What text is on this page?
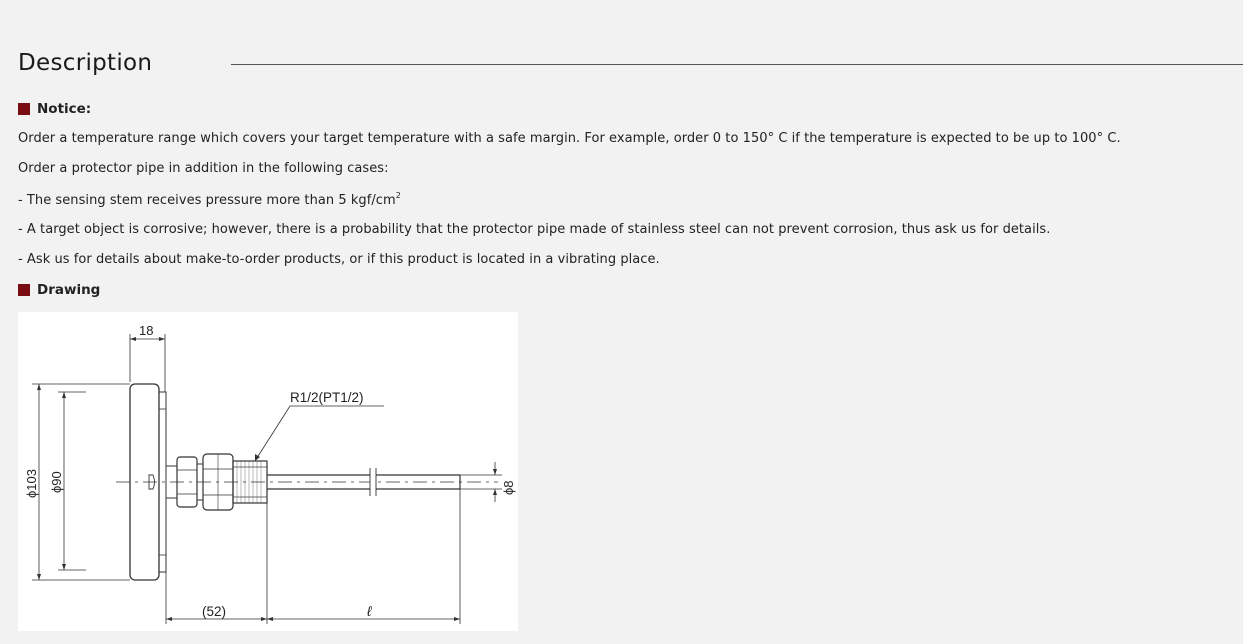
Description
Notice:
Order a temperature range which covers your target temperature with a safe margin. For example, order 0 to 150° C if the temperature is expected to be up to 100° C.
Order a protector pipe in addition in the following cases:
- The sensing stem receives pressure more than 5 kgf/$cm^2$
- A target object is corrosive; however, there is a probability that the protector pipe made of stainless steel can not prevent corrosion, thus ask us for details.
- Ask us for details about make-to-order products, or if this product is located in a vibrating place.
Drawing
18
ϕ103 ϕ90
R1/2(PT1/2)
ϕ8
(52)	ℓ
